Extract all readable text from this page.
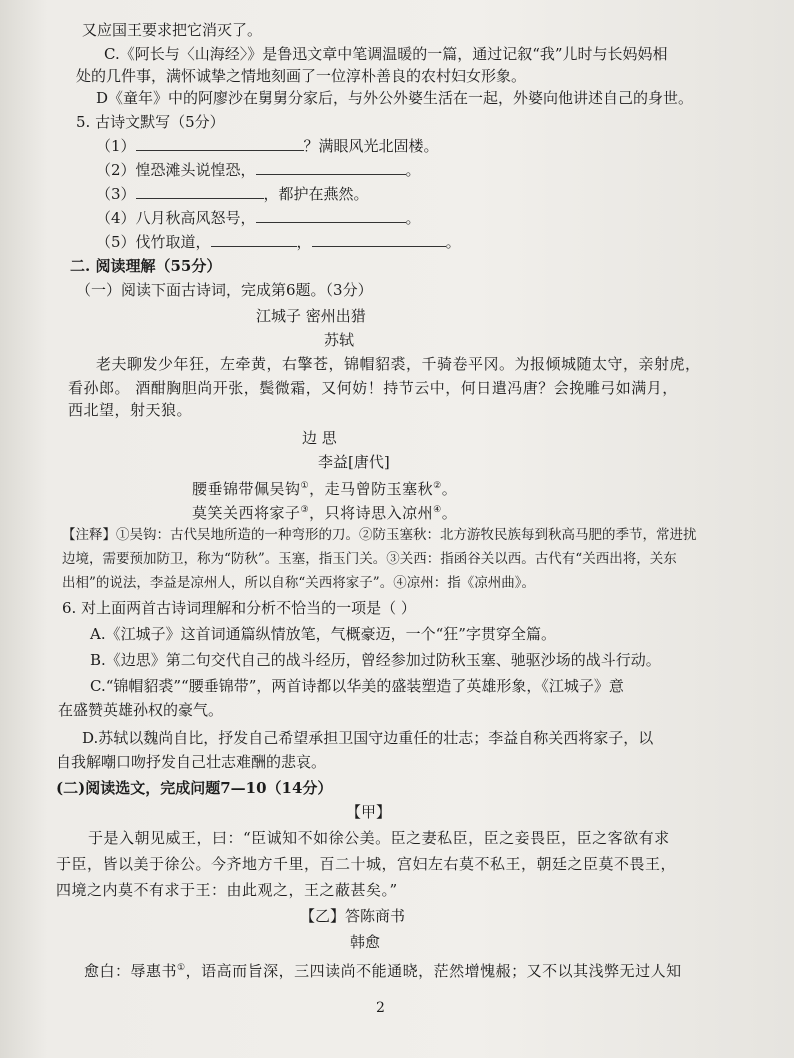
又应国王要求把它消灭了。
C.《阿长与〈山海经〉》是鲁迅文章中笔调温暖的一篇，通过记叙“我”儿时与长妈妈相
处的几件事，满怀诚挚之情地刻画了一位淳朴善良的农村妇女形象。
D《童年》中的阿廖沙在舅舅分家后，与外公外婆生活在一起，外婆向他讲述自己的身世。
5. 古诗文默写（5分）
（1）	？满眼风光北固楼。
（2）惶恐滩头说惶恐，	。
（3）	，都护在燕然。
（4）八月秋高风怒号，	。
（5）伐竹取道，	，	。
二. 阅读理解（55分）
（一）阅读下面古诗词，完成第6题。（3分）
江城子 密州出猎
苏轼
老夫聊发少年狂，左牵黄，右擎苍，锦帽貂裘，千骑卷平冈。为报倾城随太守，亲射虎，
看孙郎。 酒酣胸胆尚开张，鬓微霜，又何妨！持节云中，何日遣冯唐？会挽雕弓如满月，
西北望，射天狼。
边 思
李益[唐代]
腰垂锦带佩吴钩①，走马曾防玉塞秋②。
莫笑关西将家子③，只将诗思入凉州④。
【注释】①吴钩：古代吴地所造的一种弯形的刀。②防玉塞秋：北方游牧民族每到秋高马肥的季节，常进扰
边境，需要预加防卫，称为“防秋”。玉塞，指玉门关。③关西：指函谷关以西。古代有“关西出将，关东
出相”的说法，李益是凉州人，所以自称“关西将家子”。④凉州：指《凉州曲》。
6. 对上面两首古诗词理解和分析不恰当的一项是（ ）
A.《江城子》这首词通篇纵情放笔，气概豪迈，一个“狂”字贯穿全篇。
B.《边思》第二句交代自己的战斗经历，曾经参加过防秋玉塞、驰驱沙场的战斗行动。
C.“锦帽貂裘”“腰垂锦带”，两首诗都以华美的盛装塑造了英雄形象，《江城子》意
在盛赞英雄孙权的豪气。
D.苏轼以魏尚自比，抒发自己希望承担卫国守边重任的壮志；李益自称关西将家子，以
自我解嘲口吻抒发自己壮志难酬的悲哀。
(二)阅读选文，完成问题7—10（14分）
【甲】
于是入朝见威王，曰：“臣诚知不如徐公美。臣之妻私臣，臣之妾畏臣，臣之客欲有求
于臣，皆以美于徐公。今齐地方千里，百二十城，宫妇左右莫不私王，朝廷之臣莫不畏王，
四境之内莫不有求于王：由此观之，王之蔽甚矣。”
【乙】答陈商书
韩愈
愈白：辱惠书①，语高而旨深，三四读尚不能通晓，茫然增愧赧；又不以其浅弊无过人知
2
